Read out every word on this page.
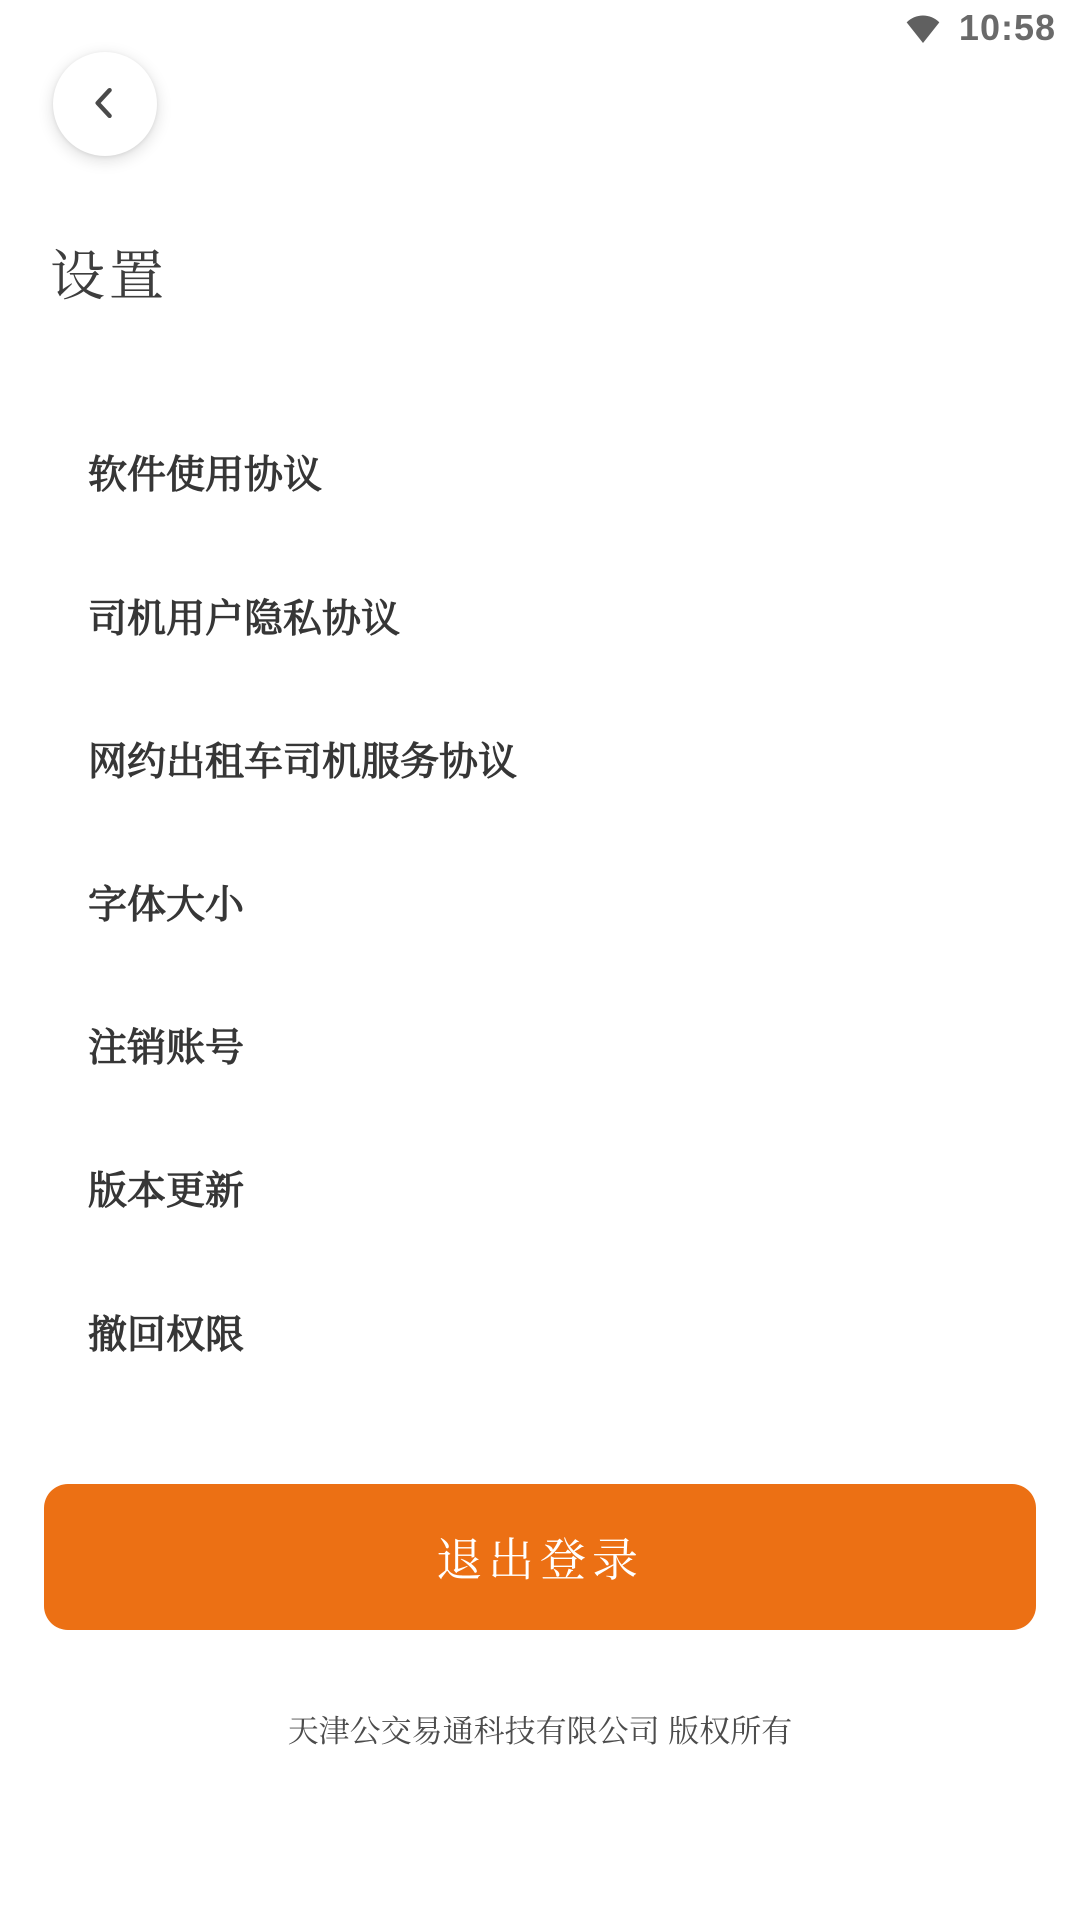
10:58
设置
软件使用协议
司机用户隐私协议
网约出租车司机服务协议
字体大小
注销账号
版本更新
撤回权限
退出登录
天津公交易通科技有限公司 版权所有
